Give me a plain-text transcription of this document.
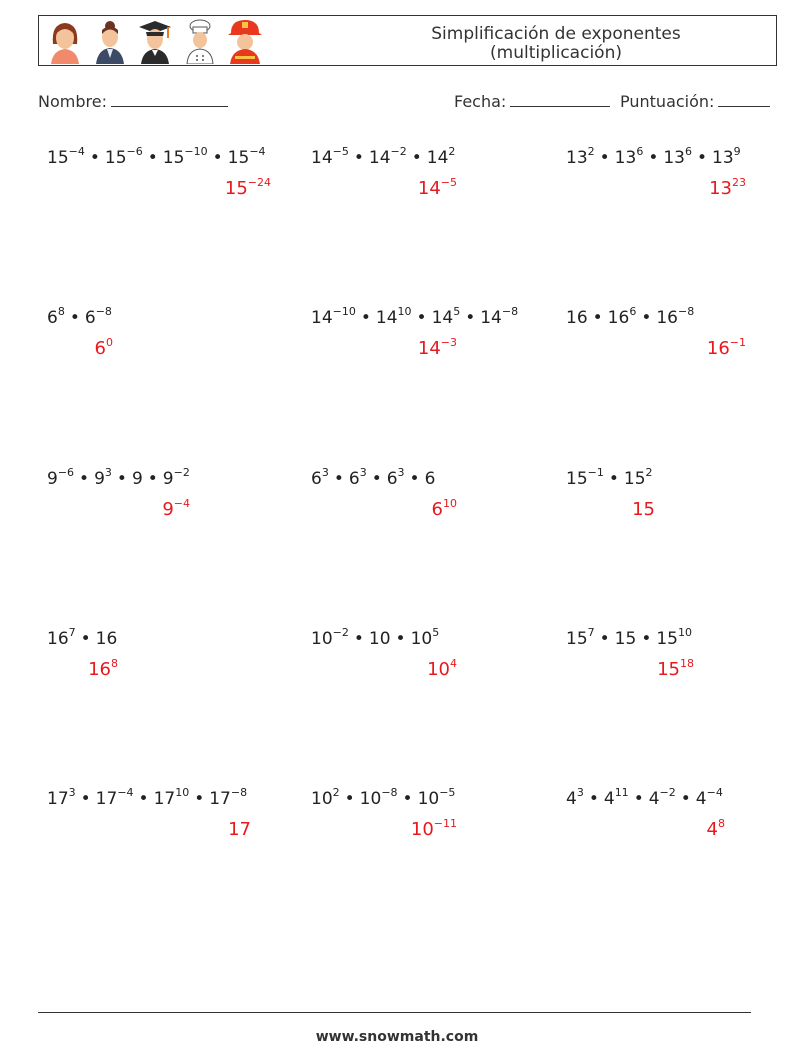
Simplificación de exponentes
(multiplicación)
Nombre:	Fecha:	Puntuación:
$15^{-4}$ • $15^{-6}$ • $15^{-10}$ • $15^{-4}$
$15^{-24}$
$14^{-5}$ • $14^{-2}$ • $14^2$
$14^{-5}$
$13^2$ • $13^6$ • $13^6$ • $13^9$
$13^{23}$
$6^8$ • $6^{-8}$
$6^0$
$14^{-10}$ • $14^{10}$ • $14^5$ • $14^{-8}$
$14^{-3}$
16 • $16^6$ • $16^{-8}$
$16^{-1}$
$9^{-6}$ • $9^3$ • 9 • $9^{-2}$
$9^{-4}$
$6^3$ • $6^3$ • $6^3$ • 6
$6^{10}$
$15^{-1}$ • $15^2$
15
$16^7$ • 16
$16^8$
$10^{-2}$ • 10 • $10^5$
$10^4$
$15^7$ • 15 • $15^{10}$
$15^{18}$
$17^3$ • $17^{-4}$ • $17^{10}$ • $17^{-8}$
17
$10^2$ • $10^{-8}$ • $10^{-5}$
$10^{-11}$
$4^3$ • $4^{11}$ • $4^{-2}$ • $4^{-4}$
$4^8$
www.snowmath.com
